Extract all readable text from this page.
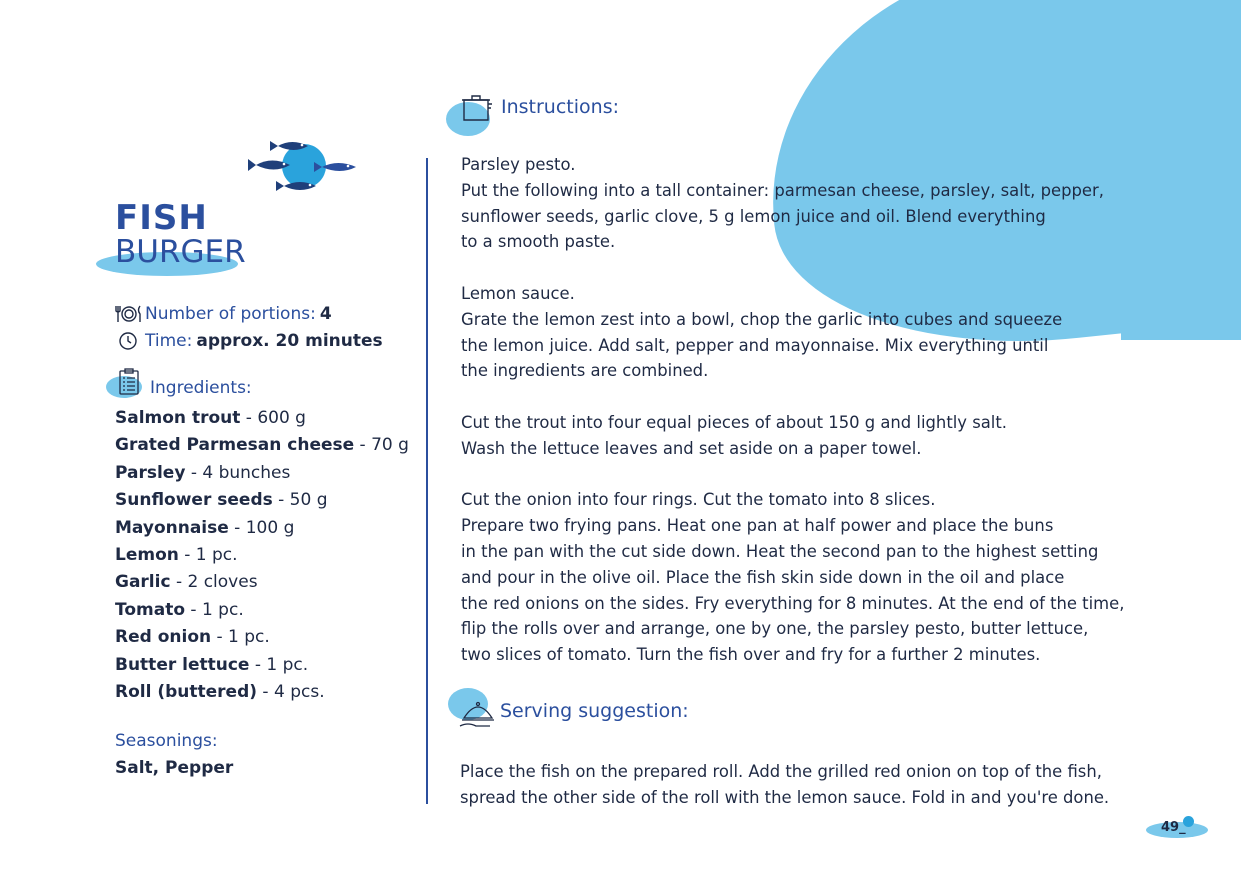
FISH
BURGER
Number of portions: 4
Time: approx. 20 minutes
Ingredients:
Salmon trout - 600 g
Grated Parmesan cheese - 70 g
Parsley - 4 bunches
Sunflower seeds - 50 g
Mayonnaise - 100 g
Lemon - 1 pc.
Garlic - 2 cloves
Tomato - 1 pc.
Red onion - 1 pc.
Butter lettuce - 1 pc.
Roll (buttered) - 4 pcs.
Seasonings:
Salt, Pepper
Instructions:
Parsley pesto.
Put the following into a tall container: parmesan cheese, parsley, salt, pepper,
sunflower seeds, garlic clove, 5 g lemon juice and oil. Blend everything
to a smooth paste.
Lemon sauce.
Grate the lemon zest into a bowl, chop the garlic into cubes and squeeze
the lemon juice. Add salt, pepper and mayonnaise. Mix everything until
the ingredients are combined.
Cut the trout into four equal pieces of about 150 g and lightly salt.
Wash the lettuce leaves and set aside on a paper towel.
Cut the onion into four rings. Cut the tomato into 8 slices.
Prepare two frying pans. Heat one pan at half power and place the buns
in the pan with the cut side down. Heat the second pan to the highest setting
and pour in the olive oil. Place the fish skin side down in the oil and place
the red onions on the sides. Fry everything for 8 minutes. At the end of the time,
flip the rolls over and arrange, one by one, the parsley pesto, butter lettuce,
two slices of tomato. Turn the fish over and fry for a further 2 minutes.
Serving suggestion:
Place the fish on the prepared roll. Add the grilled red onion on top of the fish,
spread the other side of the roll with the lemon sauce. Fold in and you're done.
49_
